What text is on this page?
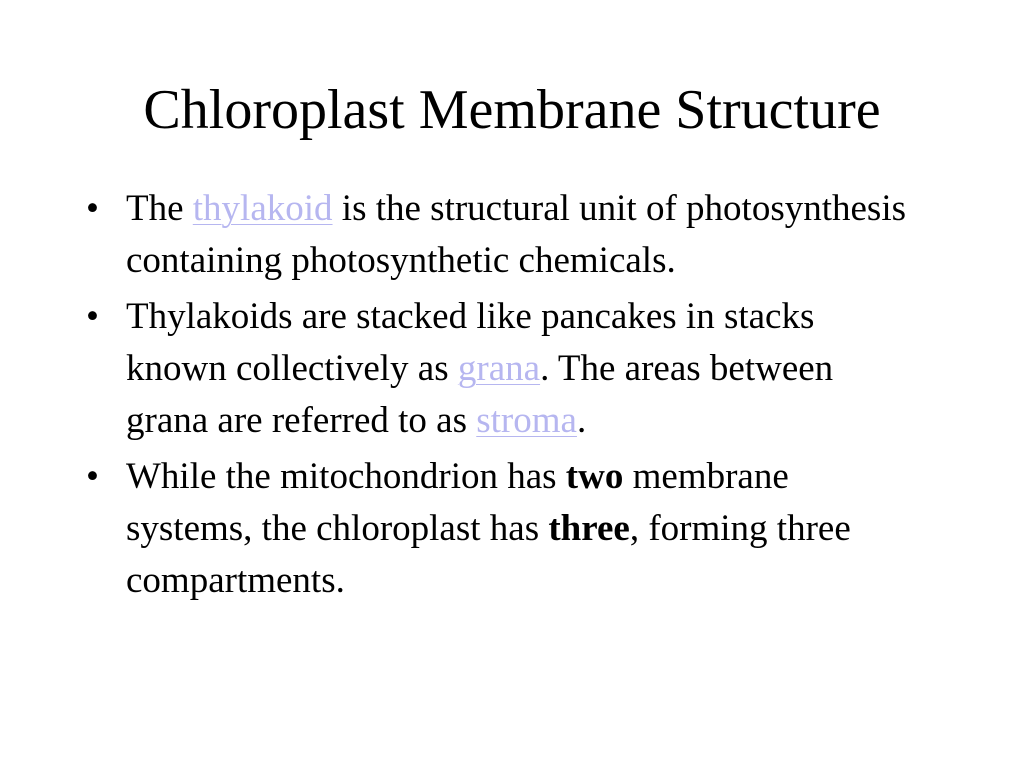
Chloroplast Membrane Structure
• The thylakoid is the structural unit of photosynthesis containing photosynthetic chemicals.
• Thylakoids are stacked like pancakes in stacks known collectively as grana. The areas between grana are referred to as stroma.
• While the mitochondrion has two membrane systems, the chloroplast has three, forming three compartments.
